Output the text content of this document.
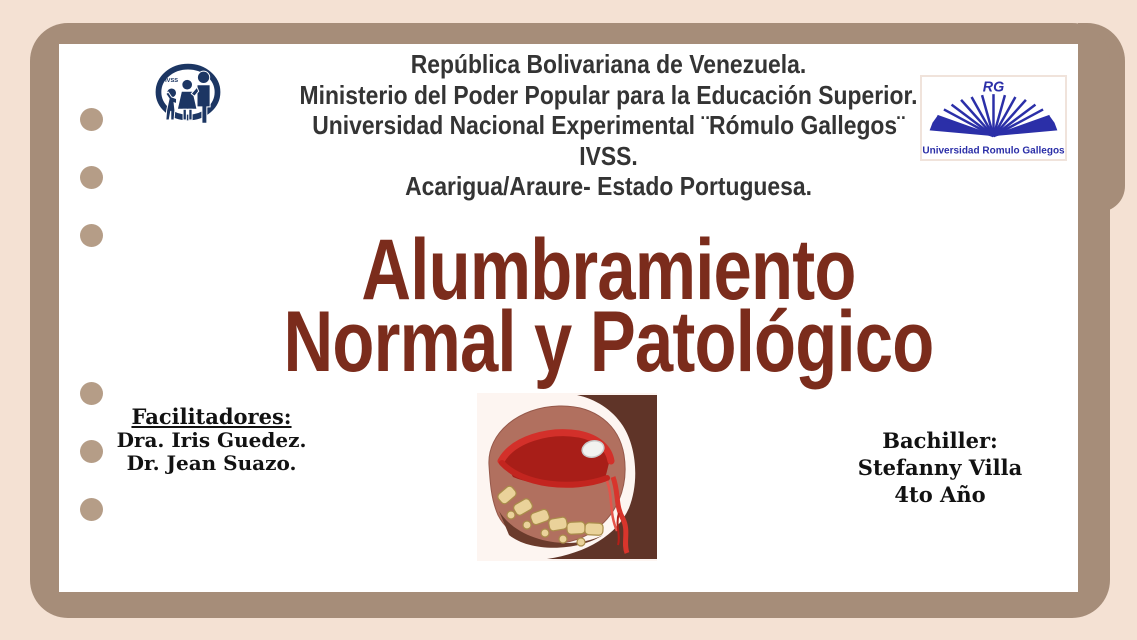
IVSS
República Bolivariana de Venezuela.
Ministerio del Poder Popular para la Educación Superior.
Universidad Nacional Experimental ¨Rómulo Gallegos¨
IVSS.
Acarigua/Araure- Estado Portuguesa.
RG
Universidad Romulo Gallegos
Alumbramiento
Normal y Patológico
Facilitadores:
Dra. Iris Guedez.
Dr. Jean Suazo.
Bachiller:
Stefanny Villa
4to Año
